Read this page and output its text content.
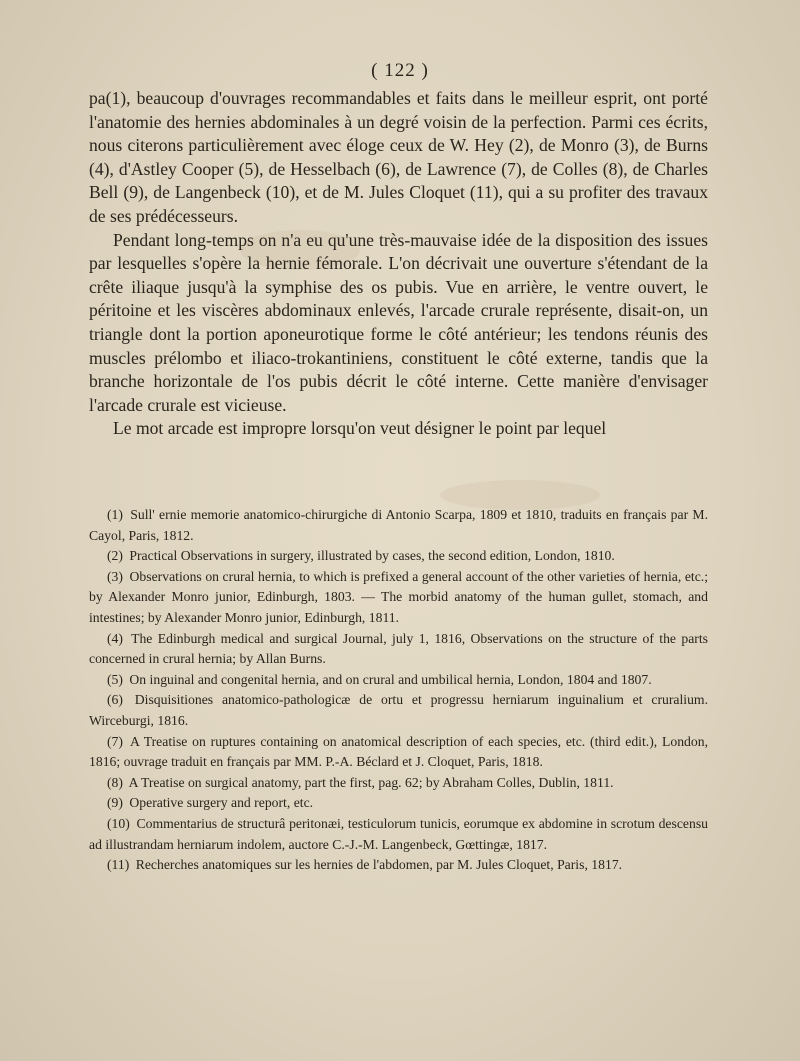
( 122 )

pa(1), beaucoup d'ouvrages recommandables et faits dans le meilleur esprit, ont porté l'anatomie des hernies abdominales à un degré voisin de la perfection. Parmi ces écrits, nous citerons particulièrement avec éloge ceux de W. Hey (2), de Monro (3), de Burns (4), d'Astley Cooper (5), de Hesselbach (6), de Lawrence (7), de Colles (8), de Charles Bell (9), de Langenbeck (10), et de M. Jules Cloquet (11), qui a su profiter des travaux de ses prédécesseurs.

Pendant long-temps on n'a eu qu'une très-mauvaise idée de la disposition des issues par lesquelles s'opère la hernie fémorale. L'on décrivait une ouverture s'étendant de la crête iliaque jusqu'à la symphise des os pubis. Vue en arrière, le ventre ouvert, le péritoine et les viscères abdominaux enlevés, l'arcade crurale représente, disait-on, un triangle dont la portion aponeurotique forme le côté antérieur; les tendons réunis des muscles prélombo et iliaco-trokantiniens, constituent le côté externe, tandis que la branche horizontale de l'os pubis décrit le côté interne. Cette manière d'envisager l'arcade crurale est vicieuse.

Le mot arcade est impropre lorsqu'on veut désigner le point par lequel

(1) Sull' ernie memorie anatomico-chirurgiche di Antonio Scarpa, 1809 et 1810, traduits en français par M. Cayol, Paris, 1812.

(2) Practical Observations in surgery, illustrated by cases, the second edition, London, 1810.

(3) Observations on crural hernia, to which is prefixed a general account of the other varieties of hernia, etc.; by Alexander Monro junior, Edinburgh, 1803. — The morbid anatomy of the human gullet, stomach, and intestines; by Alexander Monro junior, Edinburgh, 1811.

(4) The Edinburgh medical and surgical Journal, july 1, 1816, Observations on the structure of the parts concerned in crural hernia; by Allan Burns.

(5) On inguinal and congenital hernia, and on crural and umbilical hernia, London, 1804 and 1807.

(6) Disquisitiones anatomico-pathologicæ de ortu et progressu herniarum inguinalium et cruralium. Wirceburgi, 1816.

(7) A Treatise on ruptures containing on anatomical description of each species, etc. (third edit.), London, 1816; ouvrage traduit en français par MM. P.-A. Béclard et J. Cloquet, Paris, 1818.

(8) A Treatise on surgical anatomy, part the first, pag. 62; by Abraham Colles, Dublin, 1811.

(9) Operative surgery and report, etc.

(10) Commentarius de structurâ peritonæi, testiculorum tunicis, eorumque ex abdomine in scrotum descensu ad illustrandam herniarum indolem, auctore C.-J.-M. Langenbeck, Gœttingæ, 1817.

(11) Recherches anatomiques sur les hernies de l'abdomen, par M. Jules Cloquet, Paris, 1817.
